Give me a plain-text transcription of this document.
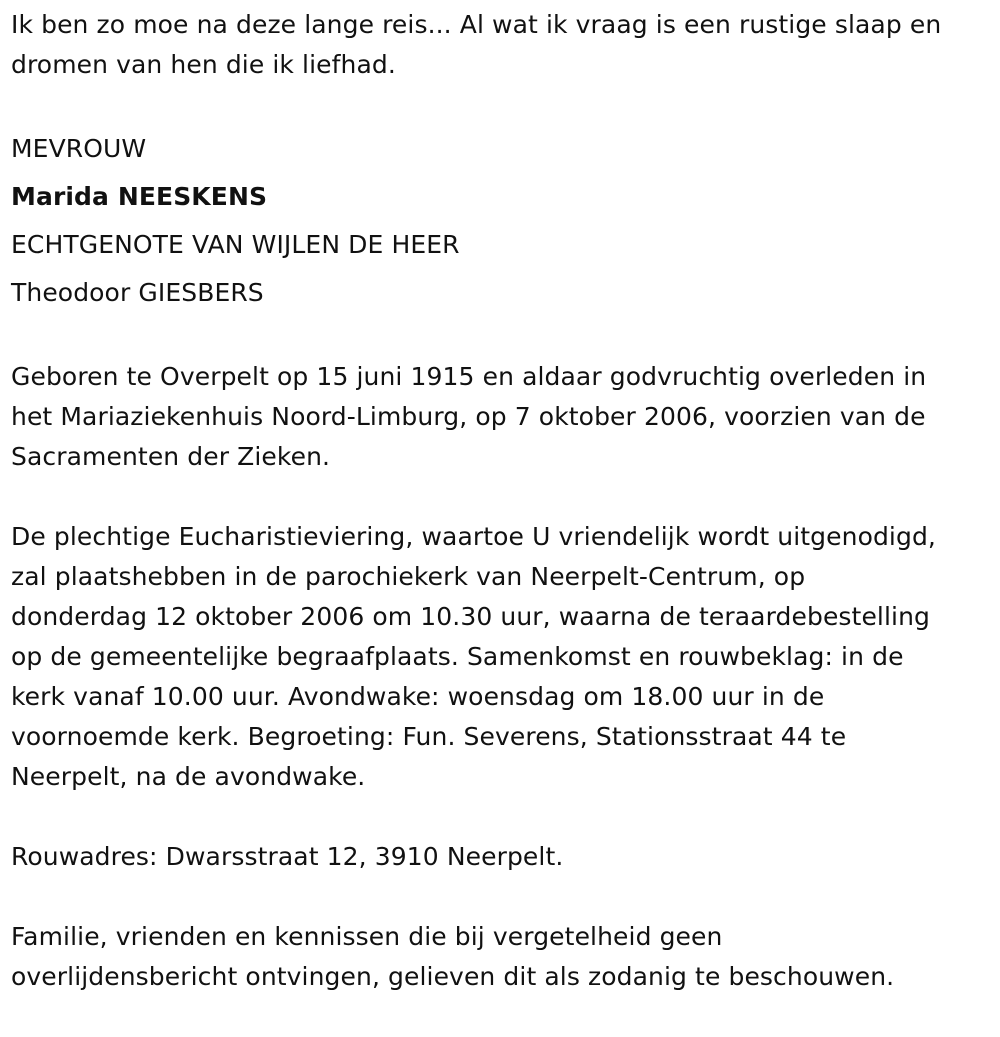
Ik ben zo moe na deze lange reis... Al wat ik vraag is een rustige slaap en
dromen van hen die ik liefhad.
MEVROUW
Marida NEESKENS
ECHTGENOTE VAN WIJLEN DE HEER
Theodoor GIESBERS
Geboren te Overpelt op 15 juni 1915 en aldaar godvruchtig overleden in
het Mariaziekenhuis Noord-Limburg, op 7 oktober 2006, voorzien van de
Sacramenten der Zieken.
De plechtige Eucharistieviering, waartoe U vriendelijk wordt uitgenodigd,
zal plaatshebben in de parochiekerk van Neerpelt-Centrum, op
donderdag 12 oktober 2006 om 10.30 uur, waarna de teraardebestelling
op de gemeentelijke begraafplaats. Samenkomst en rouwbeklag: in de
kerk vanaf 10.00 uur. Avondwake: woensdag om 18.00 uur in de
voornoemde kerk. Begroeting: Fun. Severens, Stationsstraat 44 te
Neerpelt, na de avondwake.
Rouwadres: Dwarsstraat 12, 3910 Neerpelt.
Familie, vrienden en kennissen die bij vergetelheid geen
overlijdensbericht ontvingen, gelieven dit als zodanig te beschouwen.
